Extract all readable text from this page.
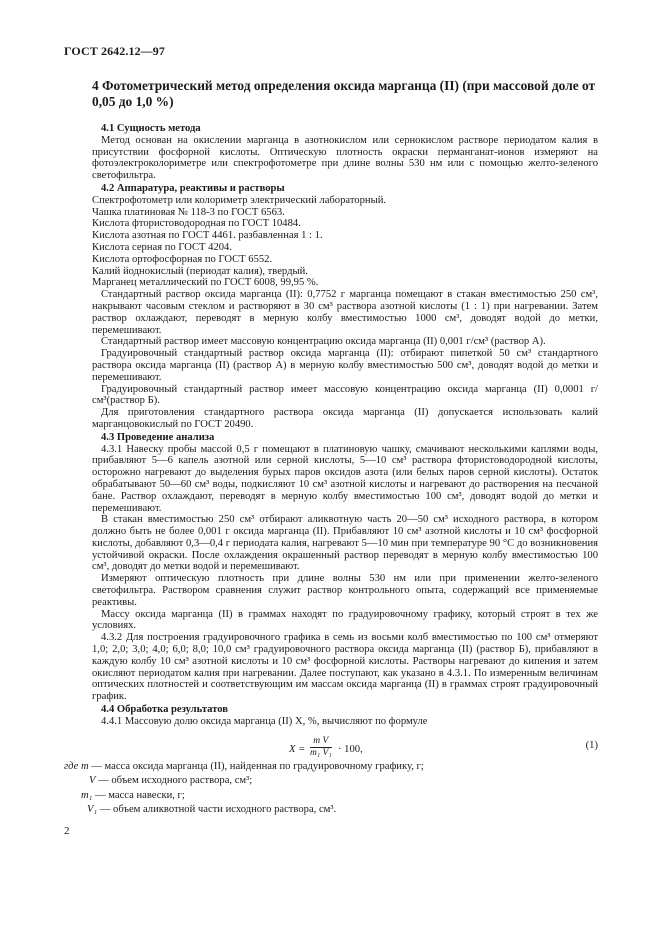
ГОСТ 2642.12—97
4 Фотометрический метод определения оксида марганца (II) (при массовой доле от 0,05 до 1,0 %)
4.1 Сущность метода

Метод основан на окислении марганца в азотнокислом или сернокислом растворе периодатом калия в присутствии фосфорной кислоты. Оптическую плотность окраски перманганат-ионов измеряют на фотоэлектроколориметре или спектрофотометре при длине волны 530 нм или с помощью желто-зеленого светофильтра.

4.2 Аппаратура, реактивы и растворы

Спектрофотометр или колориметр электрический лабораторный.

Чашка платиновая № 118-3 по ГОСТ 6563.

Кислота фтористоводородная по ГОСТ 10484.

Кислота азотная по ГОСТ 4461. разбавленная 1 : 1.

Кислота серная по ГОСТ 4204.

Кислота ортофосфорная по ГОСТ 6552.

Калий йоднокислый (периодат калия), твердый.

Марганец металлический по ГОСТ 6008, 99,95 %.

Стандартный раствор оксида марганца (II): 0,7752 г марганца помещают в стакан вместимостью 250 см³, накрывают часовым стеклом и растворяют в 30 см³ раствора азотной кислоты (1 : 1) при нагревании. Затем раствор охлаждают, переводят в мерную колбу вместимостью 1000 см³, доводят водой до метки, перемешивают.

Стандартный раствор имеет массовую концентрацию оксида марганца (II) 0,001 г/см³ (раствор А).

Градуировочный стандартный раствор оксида марганца (II): отбирают пипеткой 50 см³ стандартного раствора оксида марганца (II) (раствор А) в мерную колбу вместимостью 500 см³, доводят водой до метки и перемешивают.

Градуировочный стандартный раствор имеет массовую концентрацию оксида марганца (II) 0,0001 г/см³(раствор Б).

Для приготовления стандартного раствора оксида марганца (II) допускается использовать калий марганцовокислый по ГОСТ 20490.

4.3 Проведение анализа

4.3.1 Навеску пробы массой 0,5 г помещают в платиновую чашку, смачивают несколькими каплями воды, прибавляют 5—6 капель азотной или серной кислоты, 5—10 см³ раствора фтористоводородной кислоты, осторожно нагревают до выделения бурых паров оксидов азота (или белых паров серной кислоты). Остаток обрабатывают 50—60 см³ воды, подкисляют 10 см³ азотной кислоты и нагревают до растворения на песчаной бане. Раствор охлаждают, переводят в мерную колбу вместимостью 100 см³, доводят водой до метки и перемешивают.

В стакан вместимостью 250 см³ отбирают аликвотную часть 20—50 см³ исходного раствора, в котором должно быть не более 0,001 г оксида марганца (II). Прибавляют 10 см³ азотной кислоты и 10 см³ фосфорной кислоты, добавляют 0,3—0,4 г периодата калия, нагревают 5—10 мин при температуре 90 °С до возникновения устойчивой окраски. После охлаждения окрашенный раствор переводят в мерную колбу вместимостью 100 см³, доводят до метки водой и перемешивают.

Измеряют оптическую плотность при длине волны 530 нм или при применении желто-зеленого светофильтра. Раствором сравнения служит раствор контрольного опыта, содержащий все применяемые реактивы.

Массу оксида марганца (II) в граммах находят по градуировочному графику, который строят в тех же условиях.

4.3.2 Для построения градуировочного графика в семь из восьми колб вместимостью по 100 см³ отмеряют 1,0; 2,0; 3,0; 4,0; 6,0; 8,0; 10,0 см³ градуировочного раствора оксида марганца (II) (раствор Б), прибавляют в каждую колбу 10 см³ азотной кислоты и 10 см³ фосфорной кислоты. Растворы нагревают до кипения и затем окисляют периодатом калия при нагревании. Далее поступают, как указано в 4.3.1. По измеренным величинам оптических плотностей и соответствующим им массам оксида марганца (II) в граммах строят градуировочный график.

4.4 Обработка результатов

4.4.1 Массовую долю оксида марганца (II) X, %, вычисляют по формуле

$X = \frac{\text{m V}}{\text{m₁ V₁}} \cdot 100$,	(1)
где m — масса оксида марганца (II), найденная по градуировочному графику, г;
V — объем исходного раствора, см³;
m₁ — масса навески, г;
V₁ — объем аликвотной части исходного раствора, см³.
2
